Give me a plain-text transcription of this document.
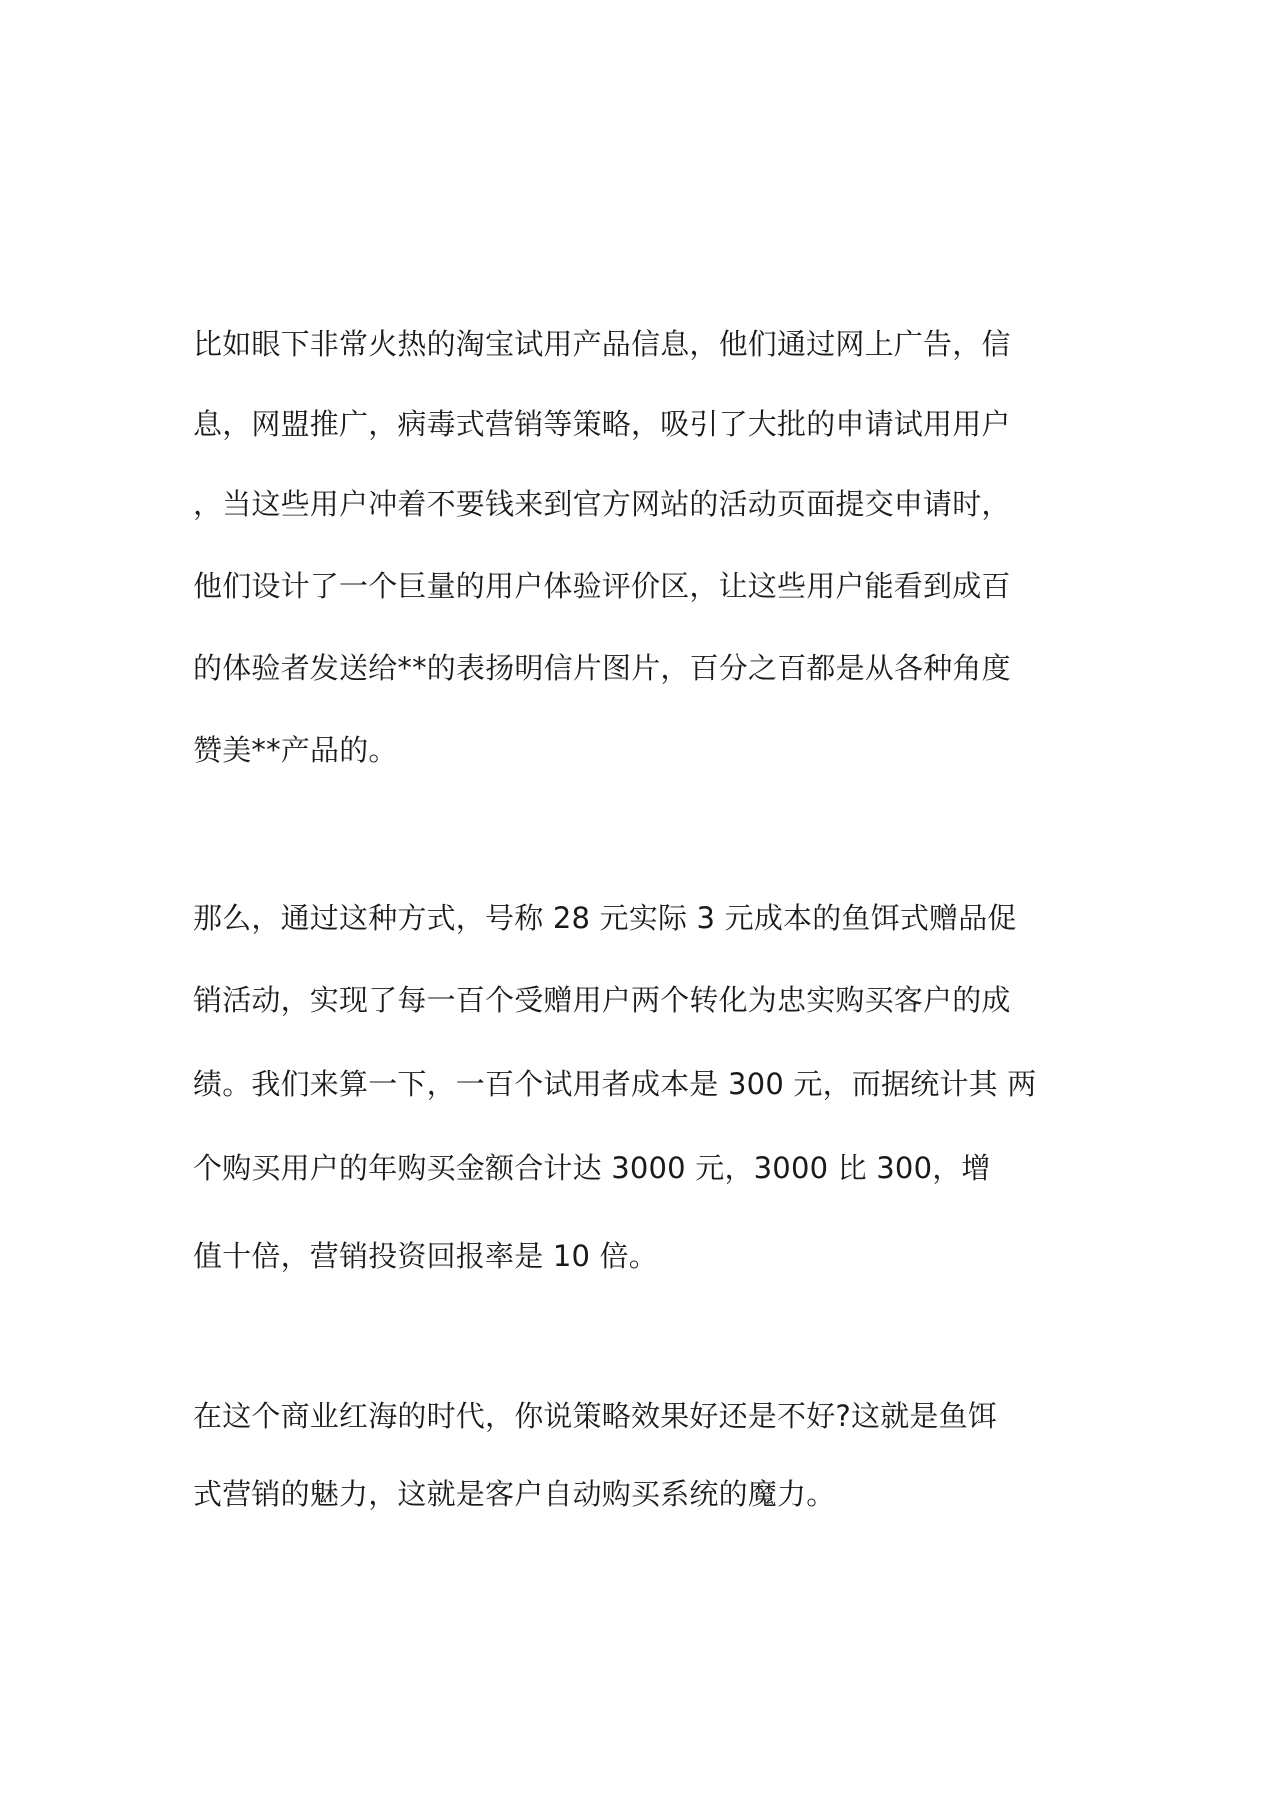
比如眼下非常火热的淘宝试用产品信息，他们通过网上广告，信
息，网盟推广，病毒式营销等策略，吸引了大批的申请试用用户
，当这些用户冲着不要钱来到官方网站的活动页面提交申请时，
他们设计了一个巨量的用户体验评价区，让这些用户能看到成百
的体验者发送给**的表扬明信片图片，百分之百都是从各种角度
赞美**产品的。
那么，通过这种方式，号称 28 元实际 3 元成本的鱼饵式赠品促
销活动，实现了每一百个受赠用户两个转化为忠实购买客户的成
绩。我们来算一下，一百个试用者成本是 300 元，而据统计其 两
个购买用户的年购买金额合计达 3000 元，3000 比 300，增
值十倍，营销投资回报率是 10 倍。
在这个商业红海的时代，你说策略效果好还是不好?这就是鱼饵
式营销的魅力，这就是客户自动购买系统的魔力。
